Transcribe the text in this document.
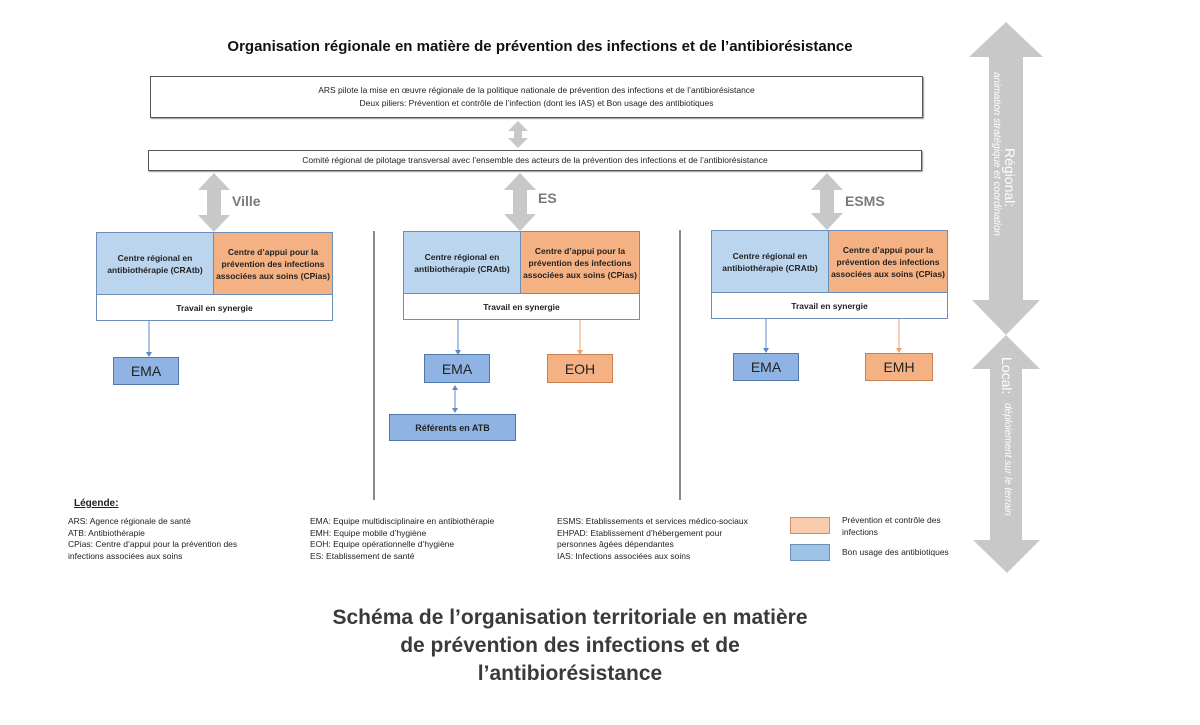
Organisation régionale en matière de prévention des infections et de l’antibiorésistance
ARS pilote la mise en œuvre régionale de la politique nationale de prévention des infections et de l’antibiorésistance
Deux piliers: Prévention et contrôle de l’infection (dont les IAS) et Bon usage des antibiotiques
Comité régional de pilotage transversal avec l’ensemble des acteurs de la prévention des infections et de l’antibiorésistance
Ville	ES	ESMS
Centre régional en antibiothérapie (CRAtb)
Centre d’appui pour la prévention des infections associées aux soins (CPias)
Travail en synergie
EMA
Centre régional en antibiothérapie (CRAtb)
Centre d’appui pour la prévention des infections associées aux soins (CPias)
Travail en synergie
EMA	EOH
Référents en ATB
Centre régional en antibiothérapie (CRAtb)
Centre d’appui pour la prévention des infections associées aux soins (CPias)
Travail en synergie
EMA	EMH
Régional:
animation stratégique et coordination
Local:
déploiement sur le terrain
Légende:
ARS: Agence régionale de santé
ATB: Antibiothérapie
CPias: Centre d’appui pour la prévention des
infections associées aux soins
EMA: Equipe multidisciplinaire en antibiothérapie
EMH: Equipe mobile d’hygiène
EOH: Equipe opérationnelle d’hygiène
ES: Etablissement de santé
ESMS: Etablissements et services médico-sociaux
EHPAD: Etablissement d’hébergement pour
personnes âgées dépendantes
IAS: Infections associées aux soins
Prévention et contrôle des
infections
Bon usage des antibiotiques
Schéma de l’organisation territoriale en matière
de prévention des infections et de
l’antibiorésistance
